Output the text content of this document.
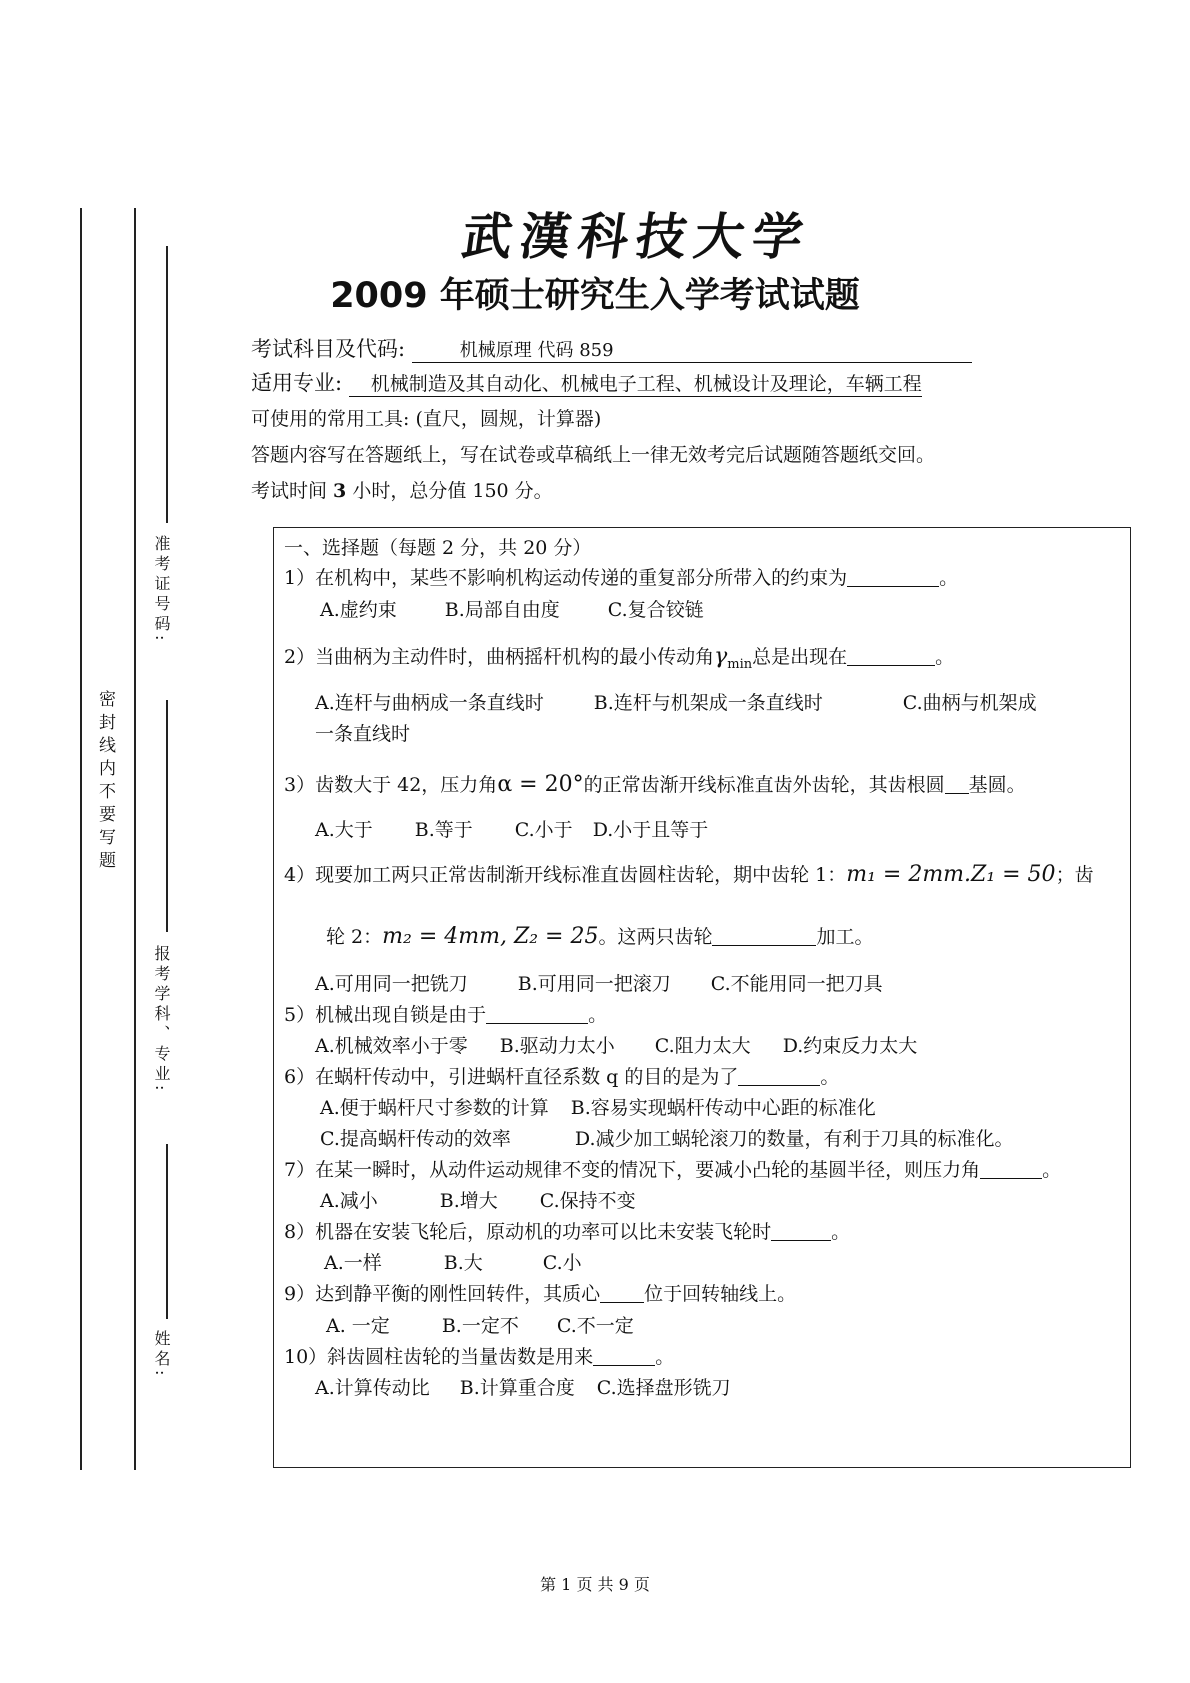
密封线内不要写题
准考证号码:
报考学科、专业:
姓名:
武漢科技大学
2009 年硕士研究生入学考试试题
考试科目及代码:	机械原理 代码 859
适用专业: 机械制造及其自动化、机械电子工程、机械设计及理论，车辆工程
可使用的常用工具: (直尺，圆规，计算器)
答题内容写在答题纸上，写在试卷或草稿纸上一律无效考完后试题随答题纸交回。
考试时间 3 小时，总分值 150 分。
一、选择题（每题 2 分，共 20 分）
1）在机构中，某些不影响机构运动传递的重复部分所带入的约束为	。
A.虚约束	B.局部自由度	C.复合铰链
2）当曲柄为主动件时，曲柄摇杆机构的最小传动角$\gamma_{min}$总是出现在	。
A.连杆与曲柄成一条直线时	B.连杆与机架成一条直线时	C.曲柄与机架成
一条直线时
3）齿数大于 42，压力角α = 20°的正常齿渐开线标准直齿外齿轮，其齿根圆 基圆。
A.大于 B.等于 C.小于 D.小于且等于
4）现要加工两只正常齿制渐开线标准直齿圆柱齿轮，期中齿轮 1：m₁ = 2mm.Z₁ = 50；齿
轮 2：m₂ = 4mm, Z₂ = 25。这两只齿轮	加工。
A.可用同一把铣刀	B.可用同一把滚刀 C.不能用同一把刀具
5）机械出现自锁是由于	。
A.机械效率小于零 B.驱动力太小 C.阻力太大 D.约束反力太大
6）在蜗杆传动中，引进蜗杆直径系数 q 的目的是为了	。
A.便于蜗杆尺寸参数的计算 B.容易实现蜗杆传动中心距的标准化
C.提高蜗杆传动的效率	D.减少加工蜗轮滚刀的数量，有利于刀具的标准化。
7）在某一瞬时，从动件运动规律不变的情况下，要减小凸轮的基圆半径，则压力角	。
A.减小	B.增大 C.保持不变
8）机器在安装飞轮后，原动机的功率可以比未安装飞轮时	。
A.一样	B.大	C.小
9）达到静平衡的刚性回转件，其质心 位于回转轴线上。
A. 一定	B.一定不 C.不一定
10）斜齿圆柱齿轮的当量齿数是用来	。
A.计算传动比 B.计算重合度 C.选择盘形铣刀
第 1 页 共 9 页
